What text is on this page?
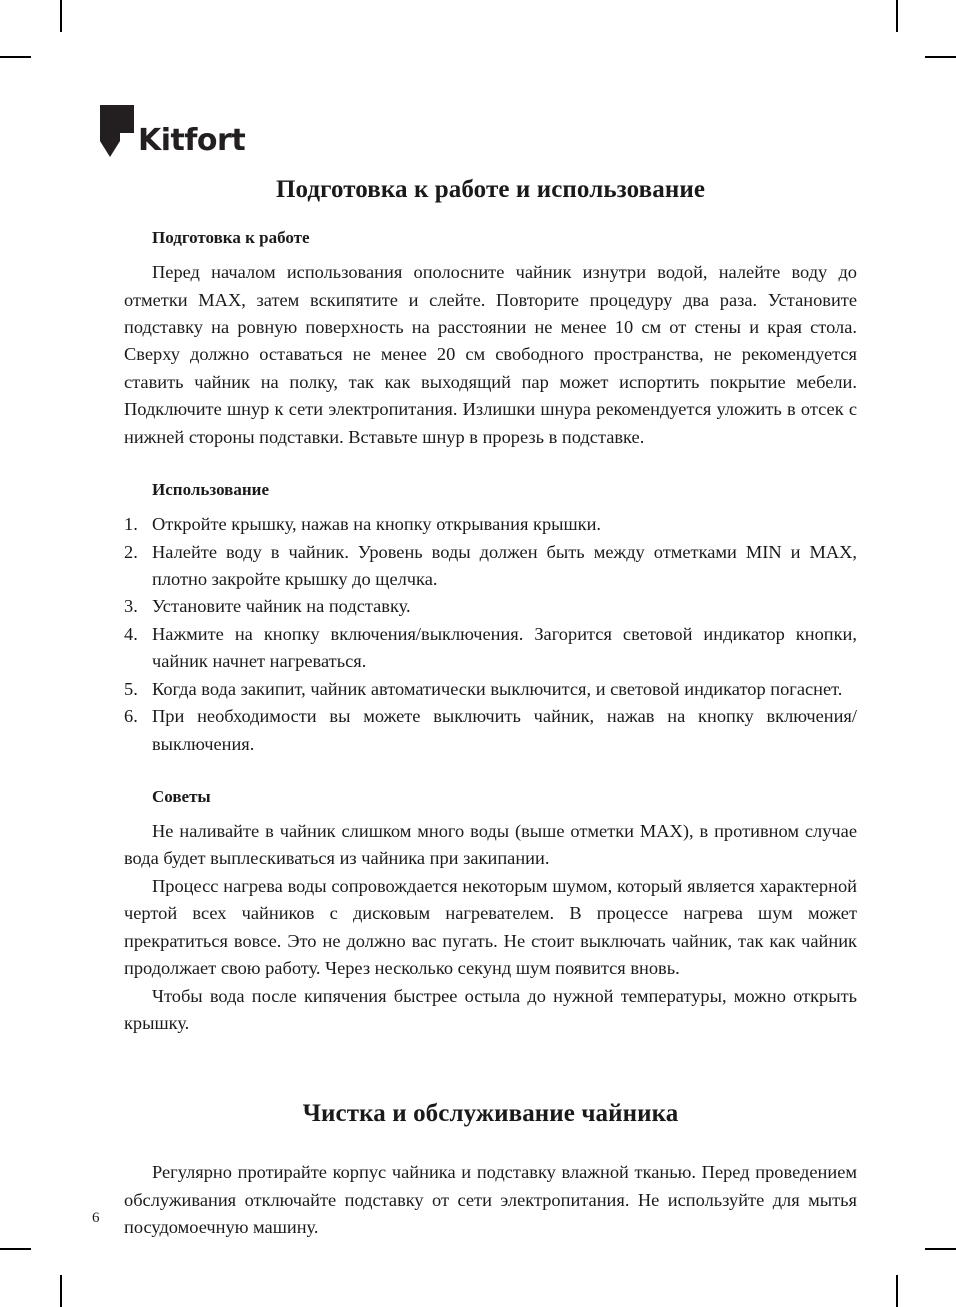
Kitfort
Подготовка к работе и использование
Подготовка к работе

Перед началом использования ополосните чайник изнутри водой, налейте воду до отметки MAX, затем вскипятите и слейте. Повторите процедуру два раза. Установите подставку на ровную поверхность на расстоянии не менее 10 см от стены и края стола. Сверху должно оставаться не менее 20 см свободного пространства, не рекомендуется ставить чайник на полку, так как выходящий пар может испортить покрытие мебели. Подключите шнур к сети электропитания. Излишки шнура рекомендуется уложить в отсек с нижней стороны подставки. Вставьте шнур в прорезь в подставке.

Использование
1. Откройте крышку, нажав на кнопку открывания крышки.
2. Налейте воду в чайник. Уровень воды должен быть между отметками MIN и MAX, плотно закройте крышку до щелчка.
3. Установите чайник на подставку.
4. Нажмите на кнопку включения/выключения. Загорится световой индикатор кнопки, чайник начнет нагреваться.
5. Когда вода закипит, чайник автоматически выключится, и световой индикатор погаснет.
6. При необходимости вы можете выключить чайник, нажав на кнопку включения/выключения.
Советы

Не наливайте в чайник слишком много воды (выше отметки MAX), в противном случае вода будет выплескиваться из чайника при закипании.

Процесс нагрева воды сопровождается некоторым шумом, который является характерной чертой всех чайников с дисковым нагревателем. В процессе нагрева шум может прекратиться вовсе. Это не должно вас пугать. Не стоит выключать чайник, так как чайник продолжает свою работу. Через несколько секунд шум появится вновь.

Чтобы вода после кипячения быстрее остыла до нужной температуры, можно открыть крышку.

Чистка и обслуживание чайника

Регулярно протирайте корпус чайника и подставку влажной тканью. Перед проведением обслуживания отключайте подставку от сети электропитания. Не используйте для мытья посудомоечную машину.

6
